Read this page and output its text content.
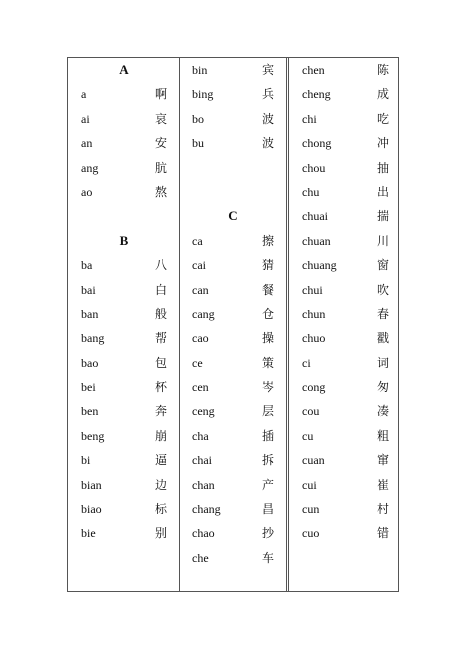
A
a	啊
ai	哀
an	安
ang	肮
ao	熬
B
ba	八
bai	白
ban	般
bang	帮
bao	包
bei	杯
ben	奔
beng	崩
bi	逼
bian	边
biao	标
bie	别
bin	宾
bing	兵
bo	波
bu	波
C
ca	擦
cai	猜
can	餐
cang	仓
cao	操
ce	策
cen	岑
ceng	层
cha	插
chai	拆
chan	产
chang	昌
chao	抄
che	车
chen	陈
cheng	成
chi	吃
chong	冲
chou	抽
chu	出
chuai	揣
chuan	川
chuang	窗
chui	吹
chun	春
chuo	戳
ci	词
cong	匆
cou	凑
cu	粗
cuan	窜
cui	崔
cun	村
cuo	错
